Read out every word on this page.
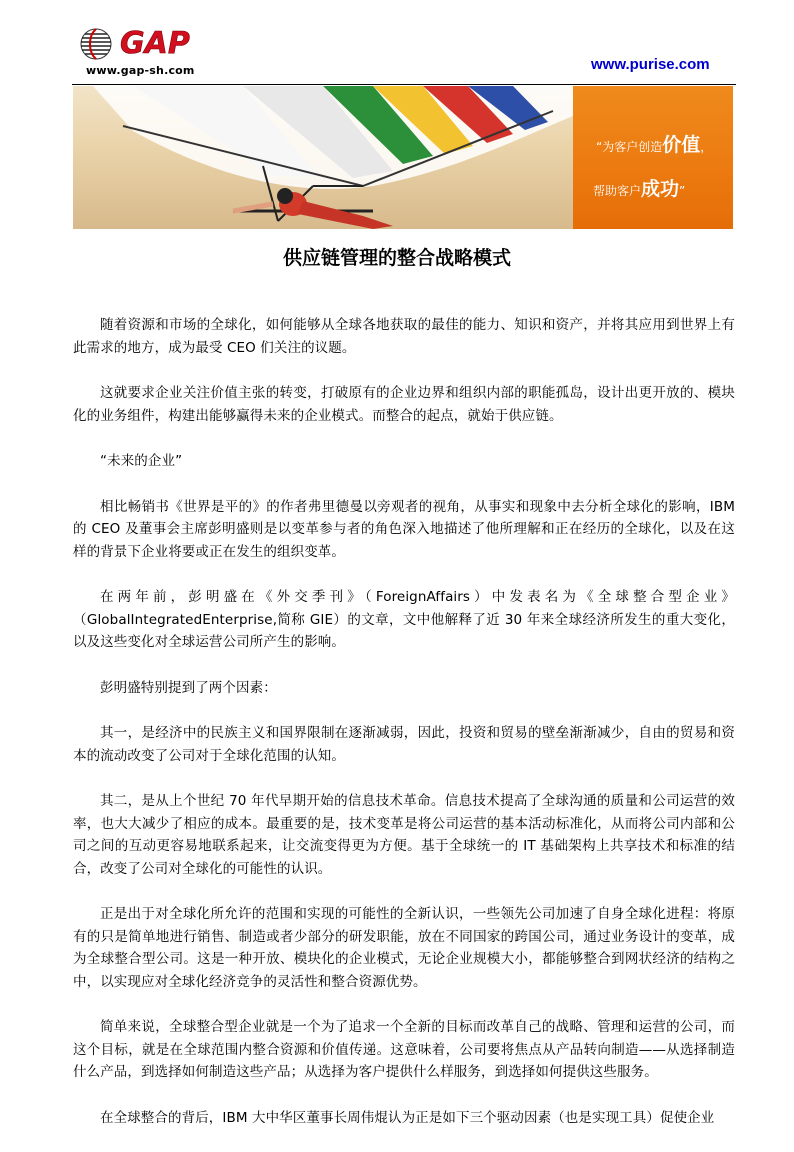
GAP
www.gap-sh.com	www.purise.com
“为客户创造价值，
帮助客户成功”
供应链管理的整合战略模式

随着资源和市场的全球化，如何能够从全球各地获取的最佳的能力、知识和资产，并将其应用到世界上有此需求的地方，成为最受 CEO 们关注的议题。

这就要求企业关注价值主张的转变，打破原有的企业边界和组织内部的职能孤岛，设计出更开放的、模块化的业务组件，构建出能够赢得未来的企业模式。而整合的起点，就始于供应链。

“未来的企业”

相比畅销书《世界是平的》的作者弗里德曼以旁观者的视角，从事实和现象中去分析全球化的影响，IBM 的 CEO 及董事会主席彭明盛则是以变革参与者的角色深入地描述了他所理解和正在经历的全球化，以及在这样的背景下企业将要或正在发生的组织变革。

在两年前，彭明盛在《外交季刊》（ForeignAffairs）中发表名为《全球整合型企业》（GlobalIntegratedEnterprise,简称 GIE）的文章，文中他解释了近 30 年来全球经济所发生的重大变化，以及这些变化对全球运营公司所产生的影响。

彭明盛特别提到了两个因素：

其一，是经济中的民族主义和国界限制在逐渐减弱，因此，投资和贸易的壁垒渐渐减少，自由的贸易和资本的流动改变了公司对于全球化范围的认知。

其二，是从上个世纪 70 年代早期开始的信息技术革命。信息技术提高了全球沟通的质量和公司运营的效率，也大大减少了相应的成本。最重要的是，技术变革是将公司运营的基本活动标准化，从而将公司内部和公司之间的互动更容易地联系起来，让交流变得更为方便。基于全球统一的 IT 基础架构上共享技术和标准的结合，改变了公司对全球化的可能性的认识。

正是出于对全球化所允许的范围和实现的可能性的全新认识，一些领先公司加速了自身全球化进程：将原有的只是简单地进行销售、制造或者少部分的研发职能，放在不同国家的跨国公司，通过业务设计的变革，成为全球整合型公司。这是一种开放、模块化的企业模式，无论企业规模大小，都能够整合到网状经济的结构之中，以实现应对全球化经济竞争的灵活性和整合资源优势。

简单来说，全球整合型企业就是一个为了追求一个全新的目标而改革自己的战略、管理和运营的公司，而这个目标，就是在全球范围内整合资源和价值传递。这意味着，公司要将焦点从产品转向制造——从选择制造什么产品，到选择如何制造这些产品；从选择为客户提供什么样服务，到选择如何提供这些服务。

在全球整合的背后，IBM 大中华区董事长周伟焜认为正是如下三个驱动因素（也是实现工具）促使企业
